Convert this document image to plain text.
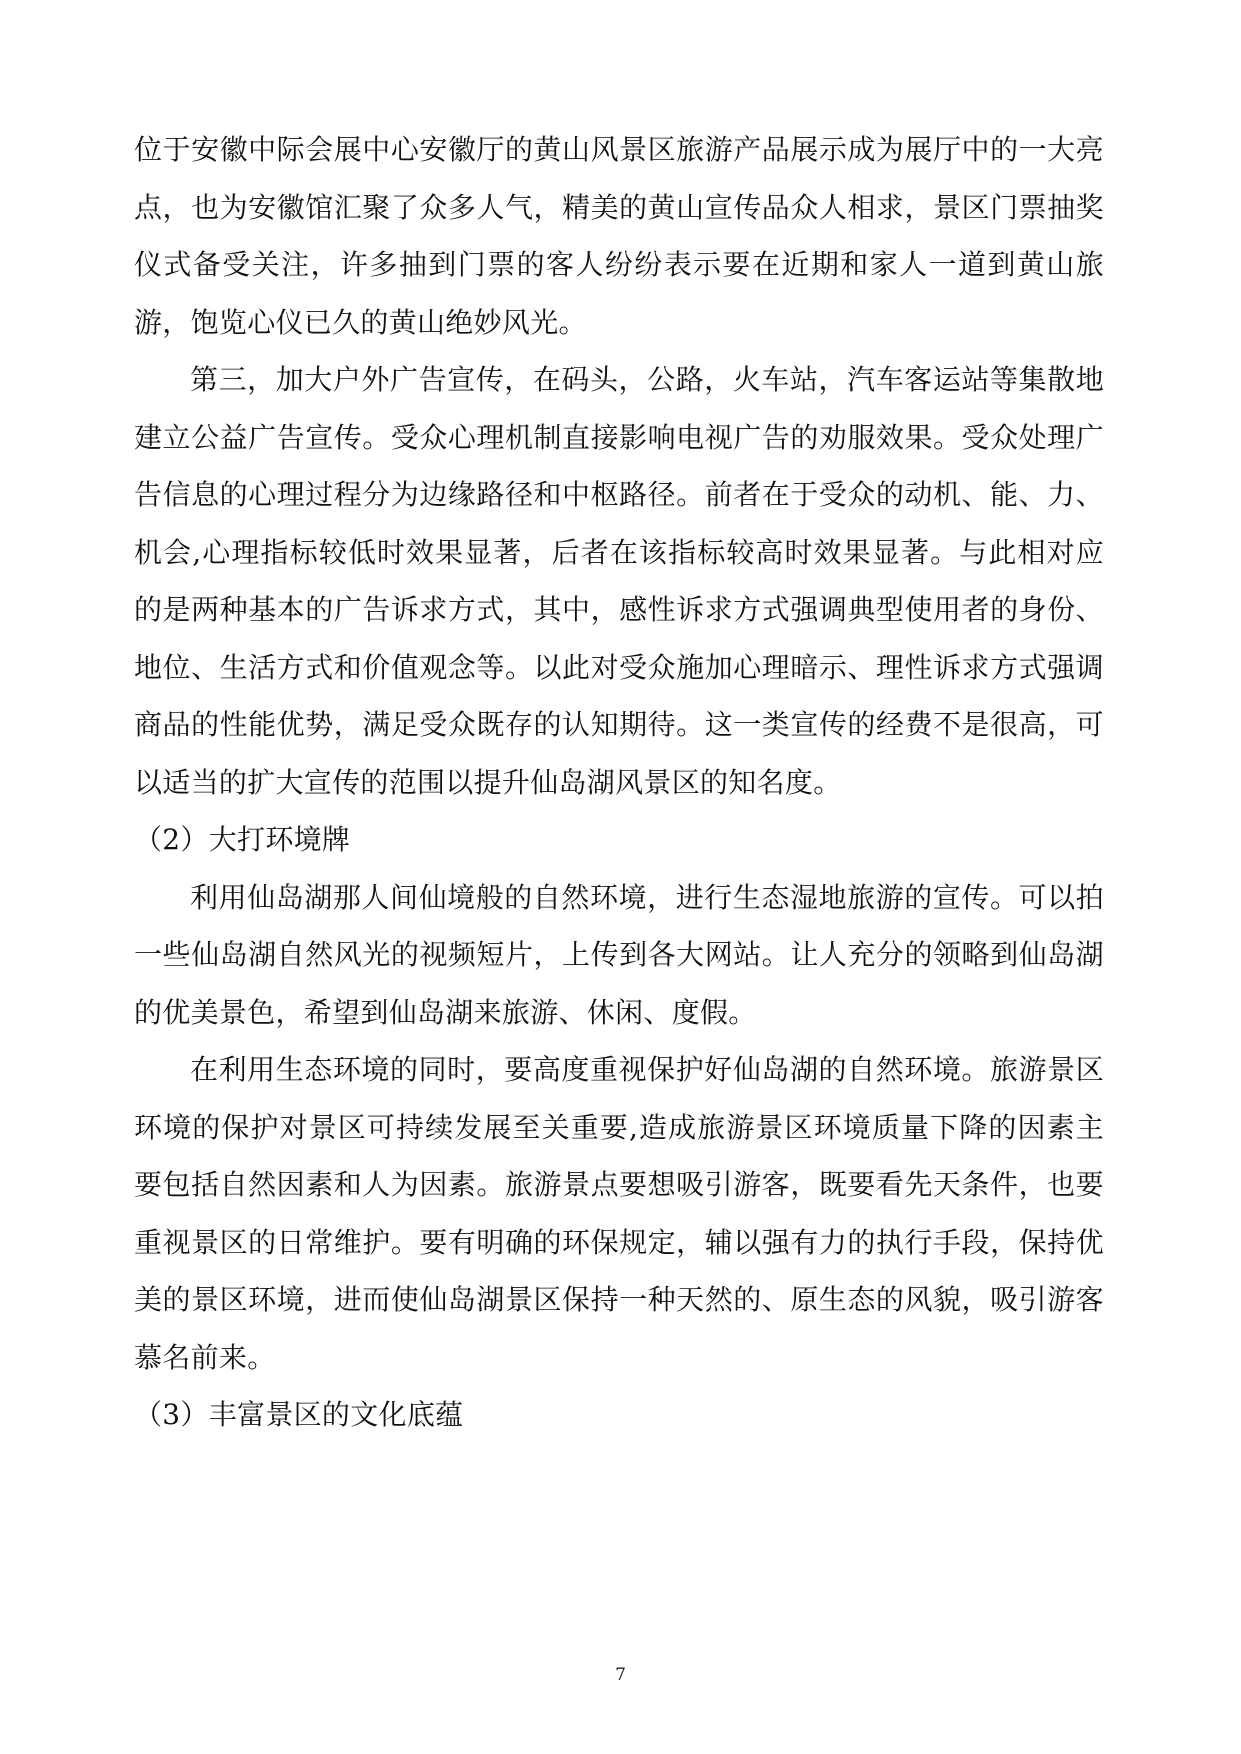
位于安徽中际会展中心安徽厅的黄山风景区旅游产品展示成为展厅中的一大亮点，也为安徽馆汇聚了众多人气，精美的黄山宣传品众人相求，景区门票抽奖仪式备受关注，许多抽到门票的客人纷纷表示要在近期和家人一道到黄山旅游，饱览心仪已久的黄山绝妙风光。

第三，加大户外广告宣传，在码头，公路，火车站，汽车客运站等集散地建立公益广告宣传。受众心理机制直接影响电视广告的劝服效果。受众处理广告信息的心理过程分为边缘路径和中枢路径。前者在于受众的动机、能、力、机会,心理指标较低时效果显著，后者在该指标较高时效果显著。与此相对应的是两种基本的广告诉求方式，其中，感性诉求方式强调典型使用者的身份、地位、生活方式和价值观念等。以此对受众施加心理暗示、理性诉求方式强调商品的性能优势，满足受众既存的认知期待。这一类宣传的经费不是很高，可以适当的扩大宣传的范围以提升仙岛湖风景区的知名度。

（2）大打环境牌

利用仙岛湖那人间仙境般的自然环境，进行生态湿地旅游的宣传。可以拍一些仙岛湖自然风光的视频短片，上传到各大网站。让人充分的领略到仙岛湖的优美景色，希望到仙岛湖来旅游、休闲、度假。

在利用生态环境的同时，要高度重视保护好仙岛湖的自然环境。旅游景区环境的保护对景区可持续发展至关重要,造成旅游景区环境质量下降的因素主要包括自然因素和人为因素。旅游景点要想吸引游客，既要看先天条件，也要重视景区的日常维护。要有明确的环保规定，辅以强有力的执行手段，保持优美的景区环境，进而使仙岛湖景区保持一种天然的、原生态的风貌，吸引游客慕名前来。

（3）丰富景区的文化底蕴

7
